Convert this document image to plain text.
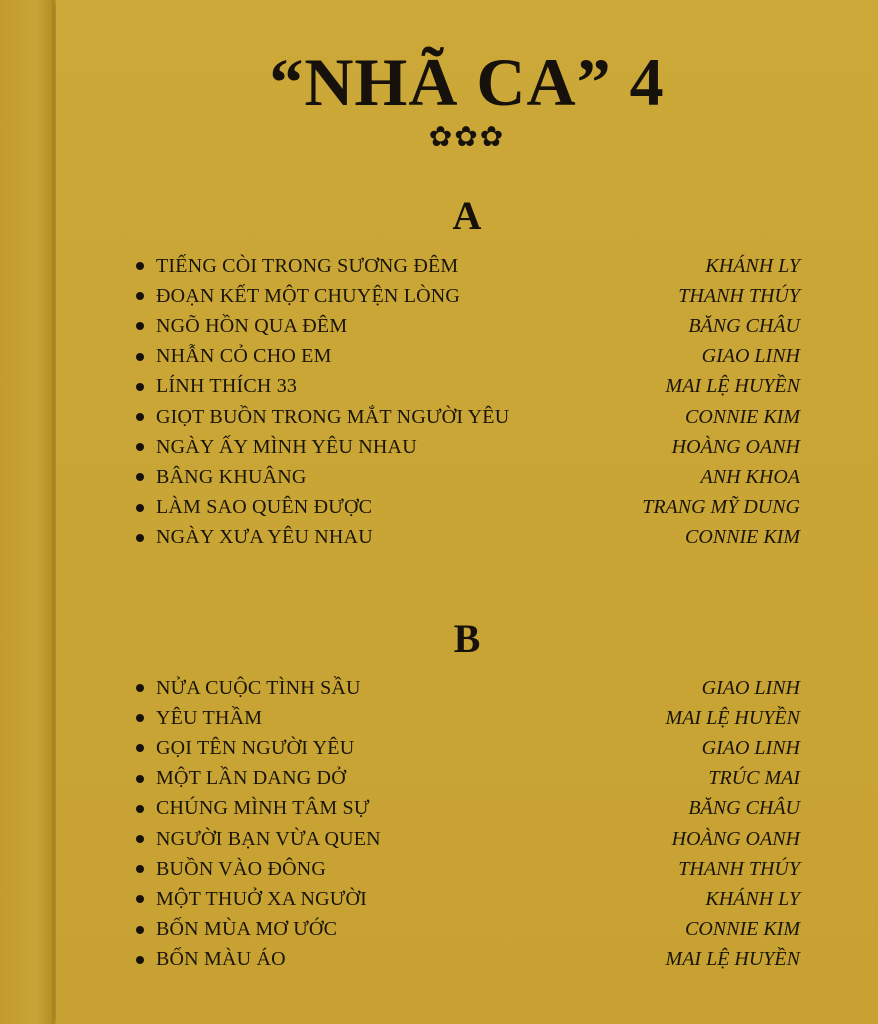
“NHÃ CA” 4
✿✿✿
A
TIẾNG CÒI TRONG SƯƠNG ĐÊM	KHÁNH LY
ĐOẠN KẾT MỘT CHUYỆN LÒNG	THANH THÚY
NGÕ HỒN QUA ĐÊM	BĂNG CHÂU
NHẪN CỎ CHO EM	GIAO LINH
LÍNH THÍCH 33	MAI LỆ HUYỀN
GIỌT BUỒN TRONG MẮT NGƯỜI YÊU	CONNIE KIM
NGÀY ẤY MÌNH YÊU NHAU	HOÀNG OANH
BÂNG KHUÂNG	ANH KHOA
LÀM SAO QUÊN ĐƯỢC	TRANG MỸ DUNG
NGÀY XƯA YÊU NHAU	CONNIE KIM
B
NỬA CUỘC TÌNH SẦU	GIAO LINH
YÊU THẦM	MAI LỆ HUYỀN
GỌI TÊN NGƯỜI YÊU	GIAO LINH
MỘT LẦN DANG DỞ	TRÚC MAI
CHÚNG MÌNH TÂM SỰ	BĂNG CHÂU
NGƯỜI BẠN VỪA QUEN	HOÀNG OANH
BUỒN VÀO ĐÔNG	THANH THÚY
MỘT THUỞ XA NGƯỜI	KHÁNH LY
BỐN MÙA MƠ ƯỚC	CONNIE KIM
BỐN MÀU ÁO	MAI LỆ HUYỀN
